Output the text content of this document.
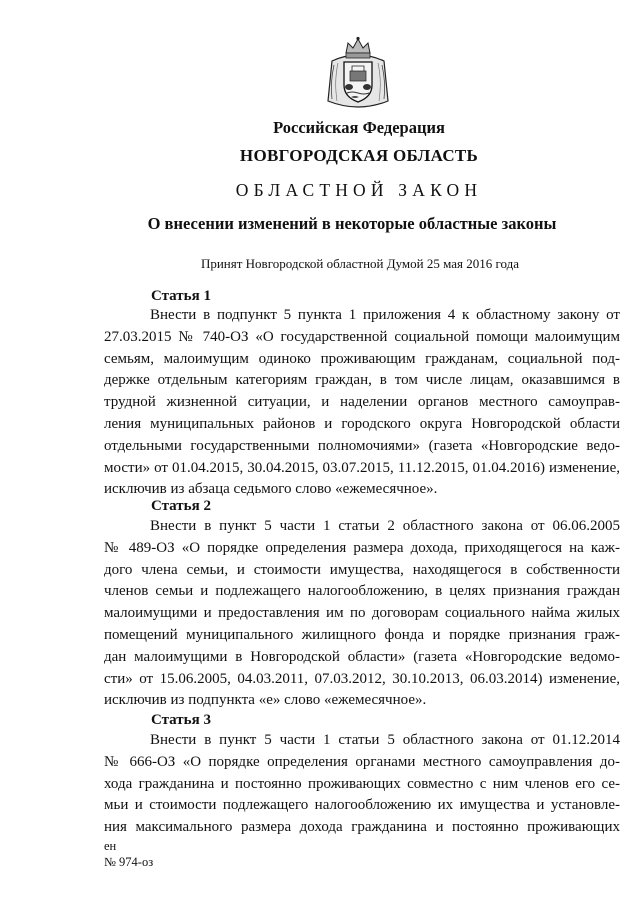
Российская Федерация
НОВГОРОДСКАЯ ОБЛАСТЬ
ОБЛАСТНОЙ ЗАКОН
О внесении изменений в некоторые областные законы
Принят Новгородской областной Думой 25 мая 2016 года
Статья 1
Внести в подпункт 5 пункта 1 приложения 4 к областному закону от
27.03.2015 № 740-ОЗ «О государственной социальной помощи малоимущим
семьям, малоимущим одиноко проживающим гражданам, социальной под-
держке отдельным категориям граждан, в том числе лицам, оказавшимся в
трудной жизненной ситуации, и наделении органов местного самоуправ-
ления муниципальных районов и городского округа Новгородской области
отдельными государственными полномочиями» (газета «Новгородские ведо-
мости» от 01.04.2015, 30.04.2015, 03.07.2015, 11.12.2015, 01.04.2016) изменение,
исключив из абзаца седьмого слово «ежемесячное».
Статья 2
Внести в пункт 5 части 1 статьи 2 областного закона от 06.06.2005
№ 489-ОЗ «О порядке определения размера дохода, приходящегося на каж-
дого члена семьи, и стоимости имущества, находящегося в собственности
членов семьи и подлежащего налогообложению, в целях признания граждан
малоимущими и предоставления им по договорам социального найма жилых
помещений муниципального жилищного фонда и порядке признания граж-
дан малоимущими в Новгородской области» (газета «Новгородские ведомо-
сти» от 15.06.2005, 04.03.2011, 07.03.2012, 30.10.2013, 06.03.2014) изменение,
исключив из подпункта «е» слово «ежемесячное».
Статья 3
Внести в пункт 5 части 1 статьи 5 областного закона от 01.12.2014
№ 666-ОЗ «О порядке определения органами местного самоуправления до-
хода гражданина и постоянно проживающих совместно с ним членов его се-
мьи и стоимости подлежащего налогообложению их имущества и установле-
ния максимального размера дохода гражданина и постоянно проживающих
ен
№ 974-оз
